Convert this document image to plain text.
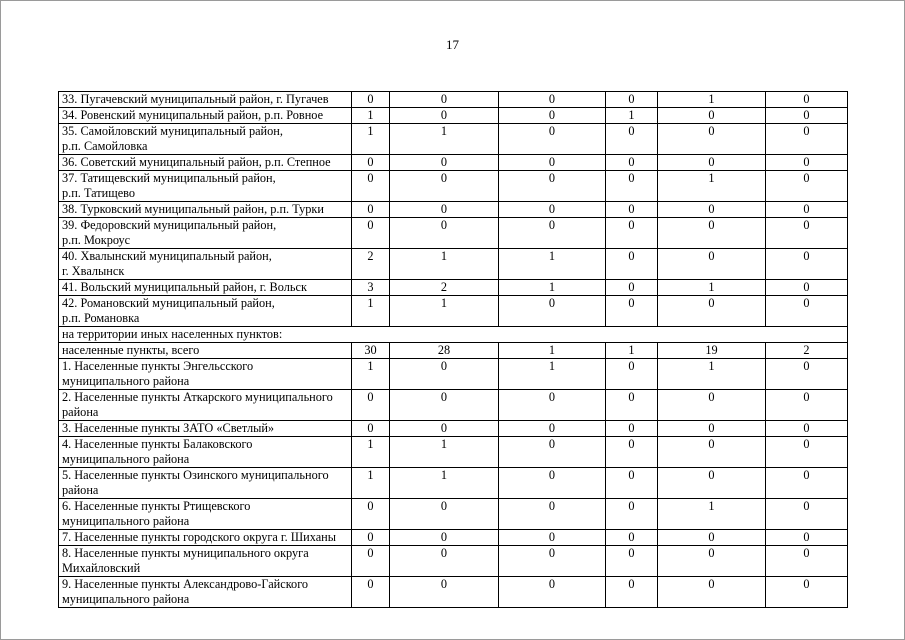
17
33. Пугачевский муниципальный район, г. Пугачев	0	0	0	0	1	0
34. Ровенский муниципальный район, р.п. Ровное	1	0	0	1	0	0
35. Самойловский муниципальный район,
р.п. Самойловка	1	1	0	0	0	0
36. Советский муниципальный район, р.п. Степное	0	0	0	0	0	0
37. Татищевский муниципальный район,
р.п. Татищево	0	0	0	0	1	0
38. Турковский муниципальный район, р.п. Турки	0	0	0	0	0	0
39. Федоровский муниципальный район,
р.п. Мокроус	0	0	0	0	0	0
40. Хвалынский муниципальный район,
г. Хвалынск	2	1	1	0	0	0
41. Вольский муниципальный район, г. Вольск	3	2	1	0	1	0
42. Романовский муниципальный район,
р.п. Романовка	1	1	0	0	0	0
на территории иных населенных пунктов:						
населенные пункты, всего	30	28	1	1	19	2
1. Населенные пункты Энгельсского
муниципального района	1	0	1	0	1	0
2. Населенные пункты Аткарского муниципального
района	0	0	0	0	0	0
3. Населенные пункты ЗАТО «Светлый»	0	0	0	0	0	0
4. Населенные пункты Балаковского
муниципального района	1	1	0	0	0	0
5. Населенные пункты Озинского муниципального
района	1	1	0	0	0	0
6. Населенные пункты Ртищевского
муниципального района	0	0	0	0	1	0
7. Населенные пункты городского округа г. Шиханы	0	0	0	0	0	0
8. Населенные пункты муниципального округа
Михайловский	0	0	0	0	0	0
9. Населенные пункты Александрово-Гайского
муниципального района	0	0	0	0	0	0
